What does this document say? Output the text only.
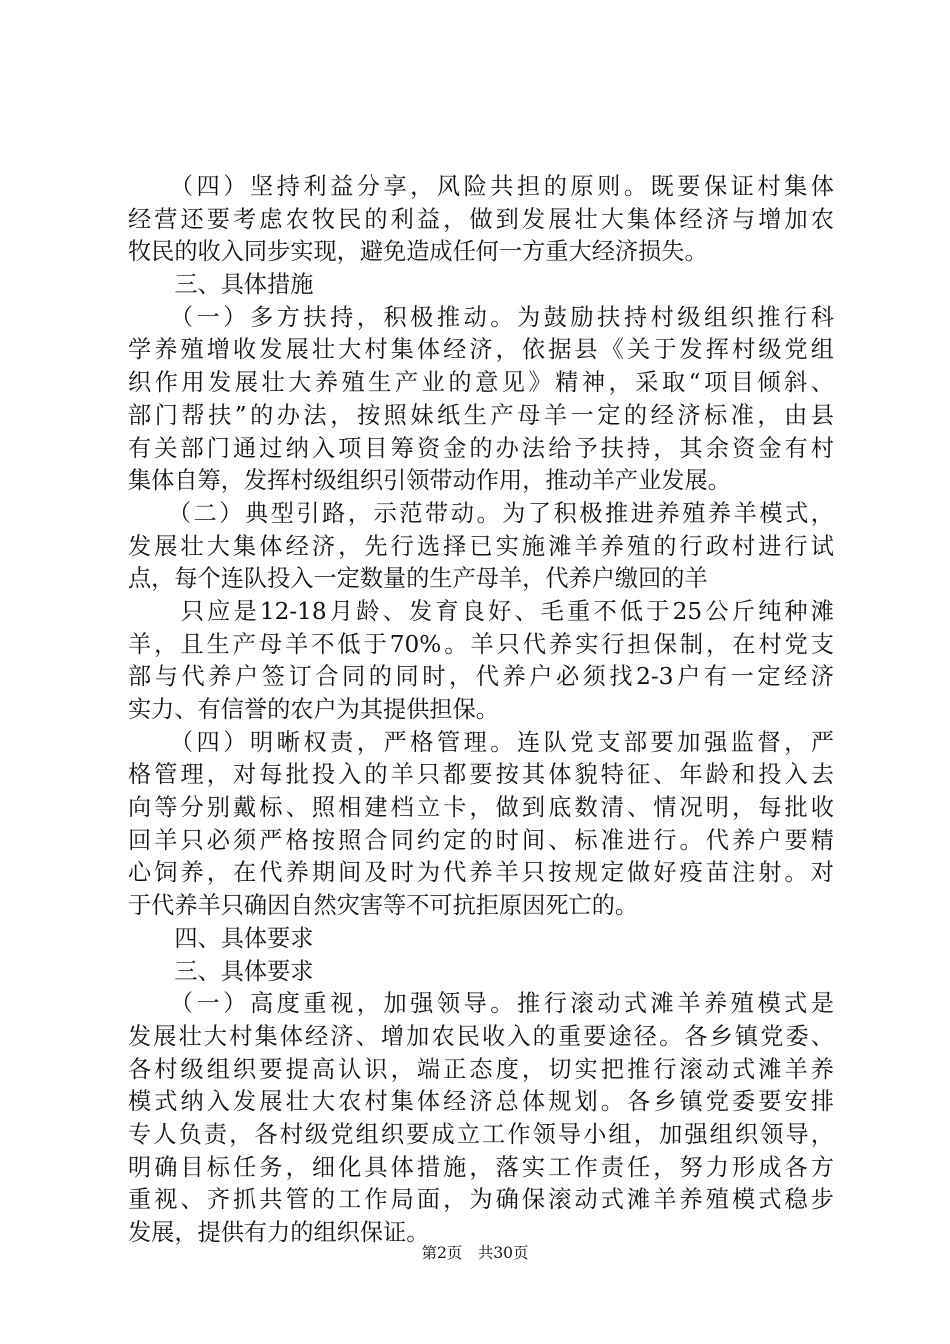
　　（四）坚持利益分享，风险共担的原则。既要保证村集体
经营还要考虑农牧民的利益，做到发展壮大集体经济与增加农
牧民的收入同步实现，避免造成任何一方重大经济损失。
　　三、具体措施
　　（一）多方扶持，积极推动。为鼓励扶持村级组织推行科
学养殖增收发展壮大村集体经济，依据县《关于发挥村级党组
织作用发展壮大养殖生产业的意见》精神，采取“项目倾斜、
部门帮扶”的办法，按照妹纸生产母羊一定的经济标准，由县
有关部门通过纳入项目筹资金的办法给予扶持，其余资金有村
集体自筹，发挥村级组织引领带动作用，推动羊产业发展。
　　（二）典型引路，示范带动。为了积极推进养殖养羊模式，
发展壮大集体经济，先行选择已实施滩羊养殖的行政村进行试
点，每个连队投入一定数量的生产母羊，代养户缴回的羊
　　只应是12-18月龄、发育良好、毛重不低于25公斤纯种滩
羊，且生产母羊不低于70%。羊只代养实行担保制，在村党支
部与代养户签订合同的同时，代养户必须找2-3户有一定经济
实力、有信誉的农户为其提供担保。
　　（四）明晰权责，严格管理。连队党支部要加强监督，严
格管理，对每批投入的羊只都要按其体貌特征、年龄和投入去
向等分别戴标、照相建档立卡，做到底数清、情况明，每批收
回羊只必须严格按照合同约定的时间、标准进行。代养户要精
心饲养，在代养期间及时为代养羊只按规定做好疫苗注射。对
于代养羊只确因自然灾害等不可抗拒原因死亡的。
　　四、具体要求
　　三、具体要求
　　（一）高度重视，加强领导。推行滚动式滩羊养殖模式是
发展壮大村集体经济、增加农民收入的重要途径。各乡镇党委、
各村级组织要提高认识，端正态度，切实把推行滚动式滩羊养
模式纳入发展壮大农村集体经济总体规划。各乡镇党委要安排
专人负责，各村级党组织要成立工作领导小组，加强组织领导，
明确目标任务，细化具体措施，落实工作责任，努力形成各方
重视、齐抓共管的工作局面，为确保滚动式滩羊养殖模式稳步
发展，提供有力的组织保证。
第2页　共30页
